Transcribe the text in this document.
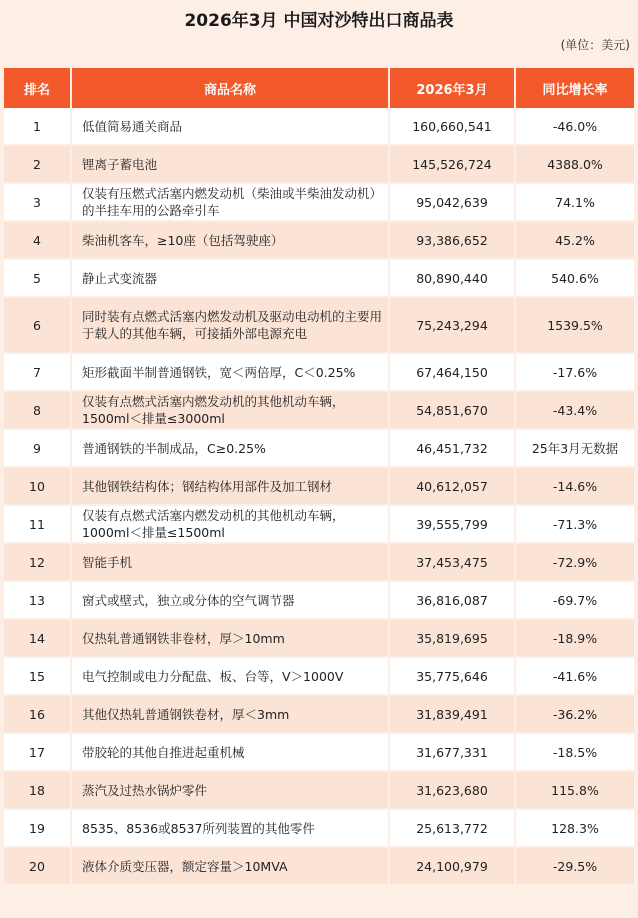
2026年3月 中国对沙特出口商品表
(单位：美元)
排名	商品名称	2026年3月	同比增长率
1	低值简易通关商品	160,660,541	-46.0%
2	锂离子蓄电池	145,526,724	4388.0%
3	仅装有压燃式活塞内燃发动机（柴油或半柴油发动机）的半挂车用的公路牵引车	95,042,639	74.1%
4	柴油机客车，≥10座（包括驾驶座）	93,386,652	45.2%
5	静止式变流器	80,890,440	540.6%
6	同时装有点燃式活塞内燃发动机及驱动电动机的主要用于载人的其他车辆，可接插外部电源充电	75,243,294	1539.5%
7	矩形截面半制普通钢铁，宽＜两倍厚，C＜0.25%	67,464,150	-17.6%
8	仅装有点燃式活塞内燃发动机的其他机动车辆，1500ml＜排量≤3000ml	54,851,670	-43.4%
9	普通钢铁的半制成品，C≥0.25%	46,451,732	25年3月无数据
10	其他钢铁结构体；钢结构体用部件及加工钢材	40,612,057	-14.6%
11	仅装有点燃式活塞内燃发动机的其他机动车辆，1000ml＜排量≤1500ml	39,555,799	-71.3%
12	智能手机	37,453,475	-72.9%
13	窗式或壁式，独立或分体的空气调节器	36,816,087	-69.7%
14	仅热轧普通钢铁非卷材，厚＞10mm	35,819,695	-18.9%
15	电气控制或电力分配盘、板、台等，V＞1000V	35,775,646	-41.6%
16	其他仅热轧普通钢铁卷材，厚＜3mm	31,839,491	-36.2%
17	带胶轮的其他自推进起重机械	31,677,331	-18.5%
18	蒸汽及过热水锅炉零件	31,623,680	115.8%
19	8535、8536或8537所列装置的其他零件	25,613,772	128.3%
20	液体介质变压器，额定容量＞10MVA	24,100,979	-29.5%
